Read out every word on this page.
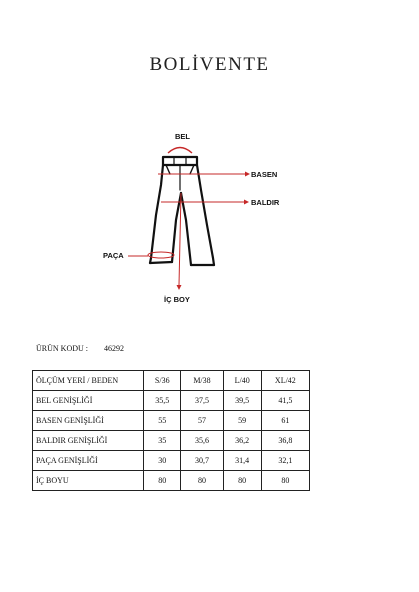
BOLİVENTE
BEL
BASEN
BALDIR
PAÇA
İÇ BOY
ÜRÜN KODU : 46292
ÖLÇÜM YERİ / BEDEN	S/36	M/38	L/40	XL/42
BEL GENİŞLİĞİ	35,5	37,5	39,5	41,5
BASEN GENİŞLİĞİ	55	57	59	61
BALDIR GENİŞLİĞİ	35	35,6	36,2	36,8
PAÇA GENİŞLİĞİ	30	30,7	31,4	32,1
İÇ BOYU	80	80	80	80
